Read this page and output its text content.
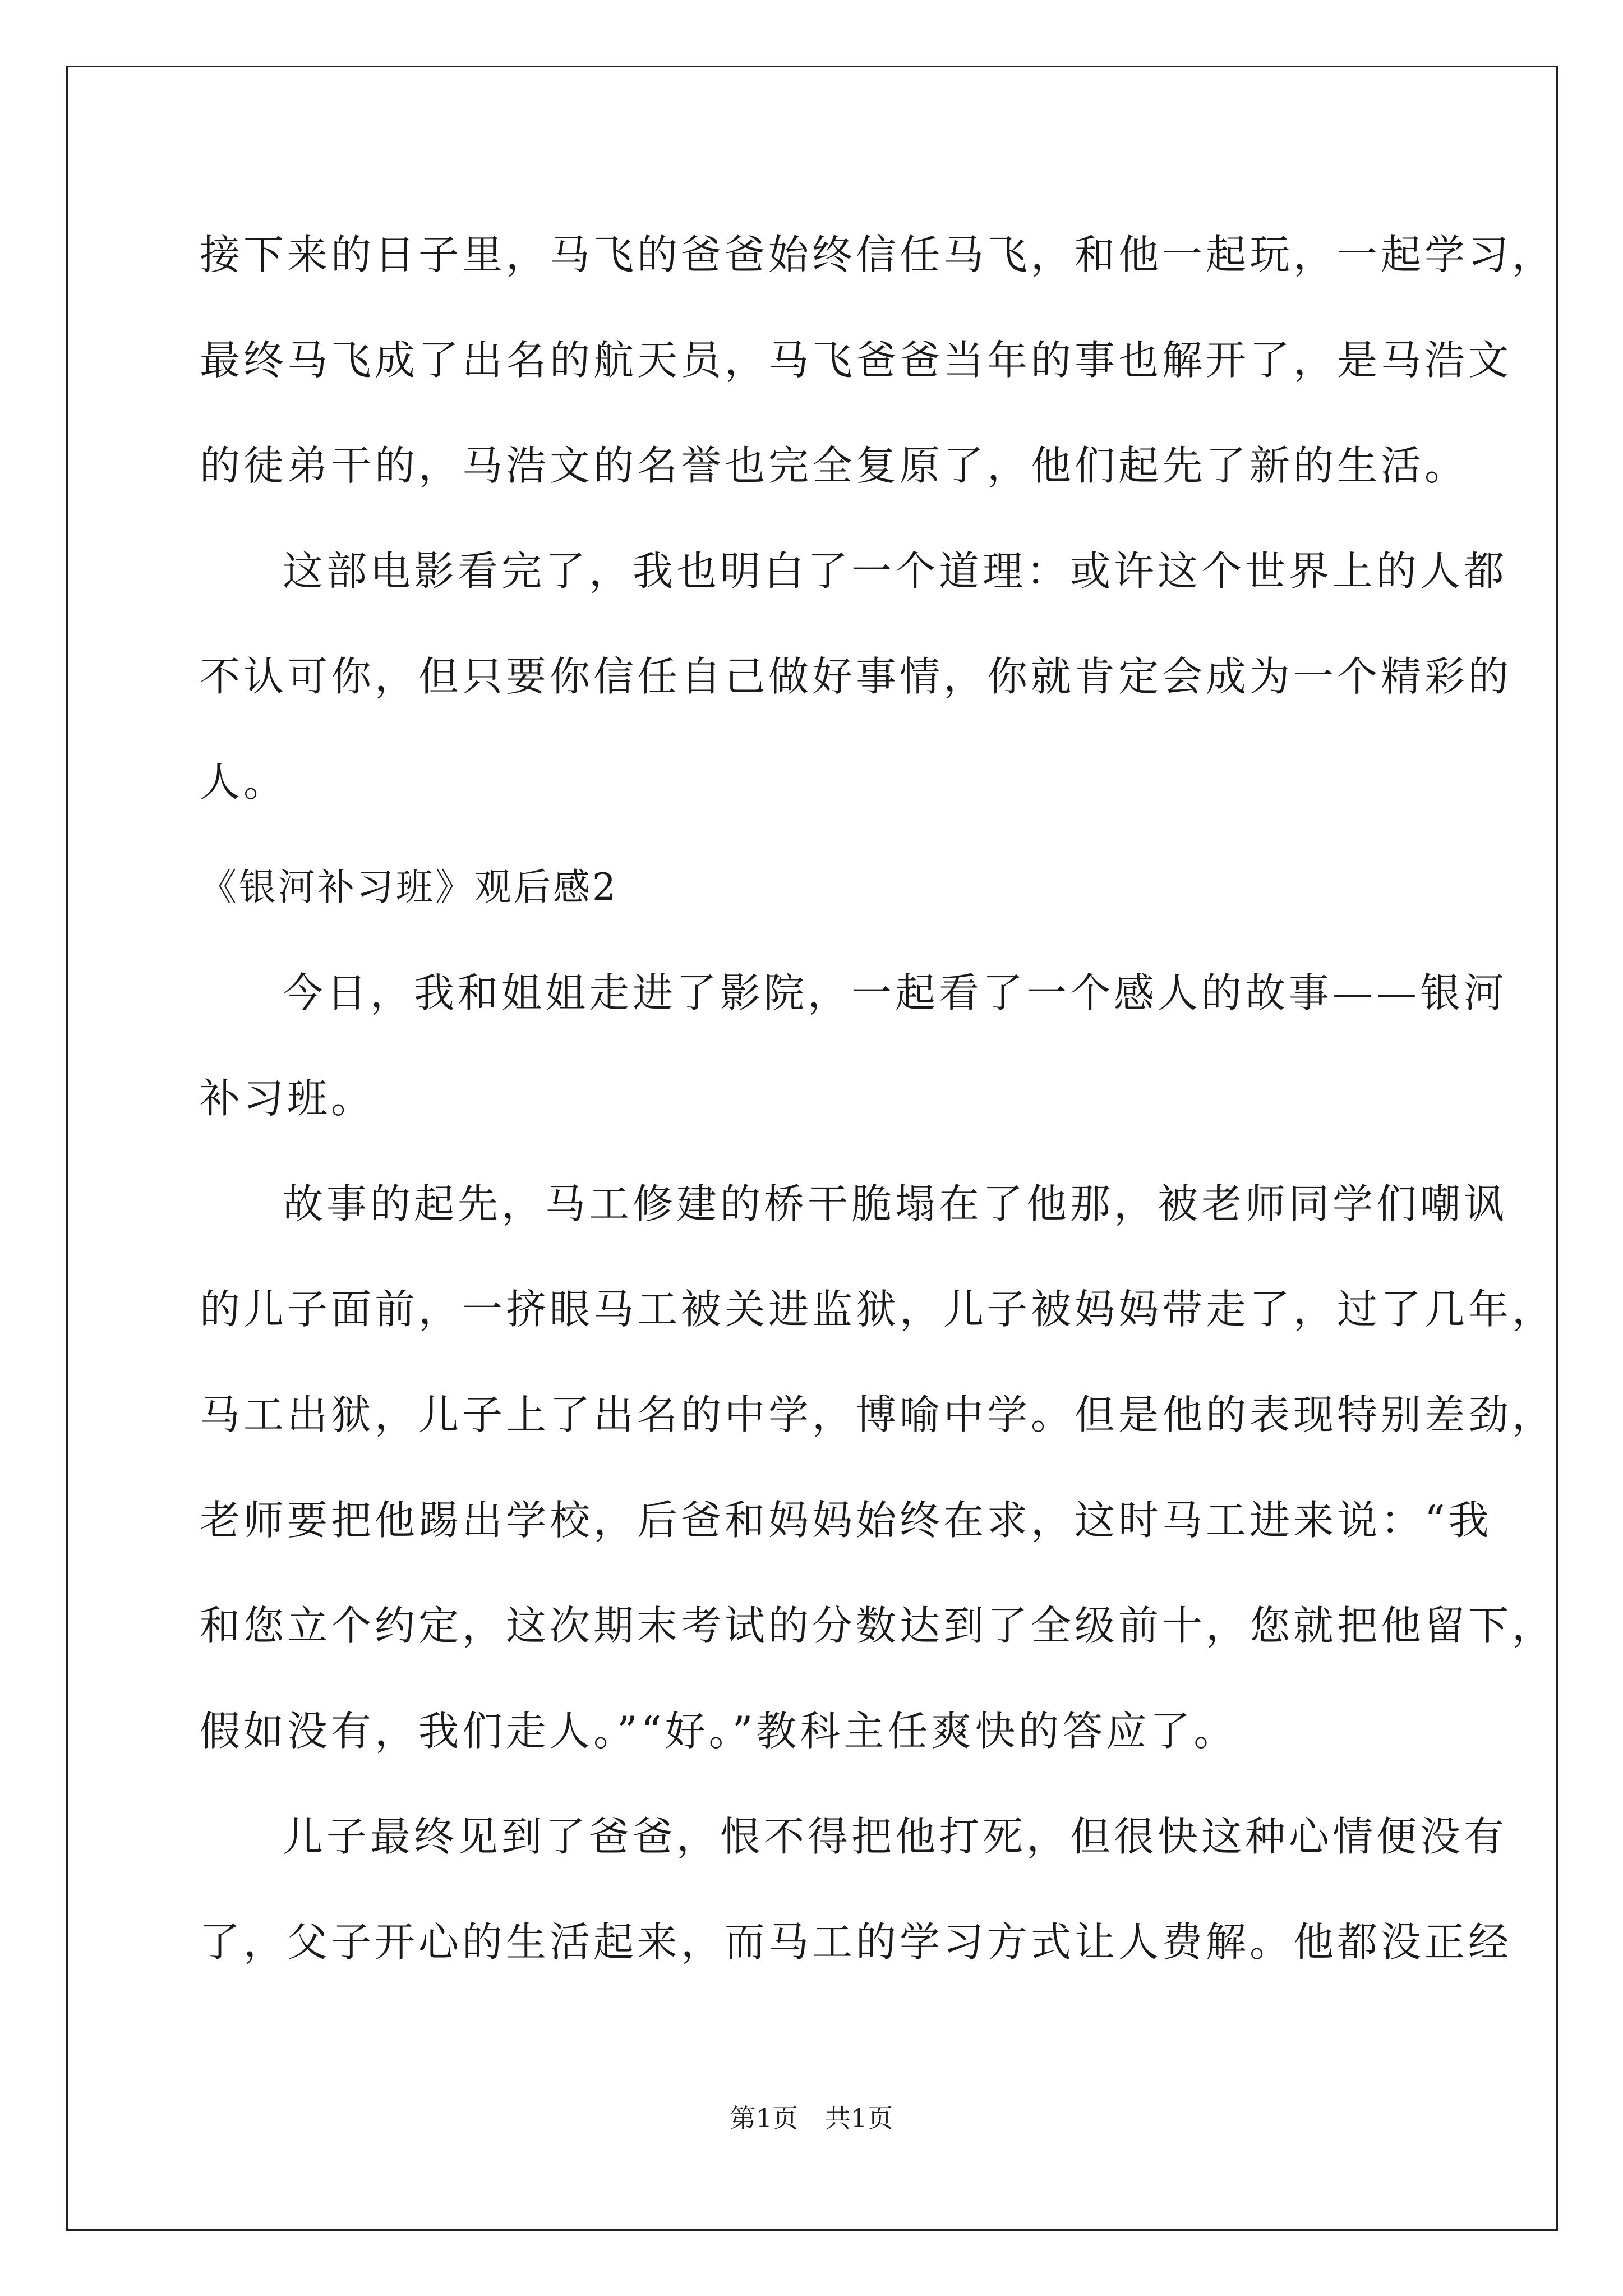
接下来的日子里，马飞的爸爸始终信任马飞，和他一起玩，一起学习，
最终马飞成了出名的航天员，马飞爸爸当年的事也解开了，是马浩文
的徒弟干的，马浩文的名誉也完全复原了，他们起先了新的生活。
这部电影看完了，我也明白了一个道理：或许这个世界上的人都
不认可你，但只要你信任自己做好事情，你就肯定会成为一个精彩的
人。
《银河补习班》观后感2
今日，我和姐姐走进了影院，一起看了一个感人的故事——银河
补习班。
故事的起先，马工修建的桥干脆塌在了他那，被老师同学们嘲讽
的儿子面前，一挤眼马工被关进监狱，儿子被妈妈带走了，过了几年，
马工出狱，儿子上了出名的中学，博喻中学。但是他的表现特别差劲，
老师要把他踢出学校，后爸和妈妈始终在求，这时马工进来说：“我
和您立个约定，这次期末考试的分数达到了全级前十，您就把他留下，
假如没有，我们走人。”“好。”教科主任爽快的答应了。
儿子最终见到了爸爸，恨不得把他打死，但很快这种心情便没有
了，父子开心的生活起来，而马工的学习方式让人费解。他都没正经
第1页 共1页
